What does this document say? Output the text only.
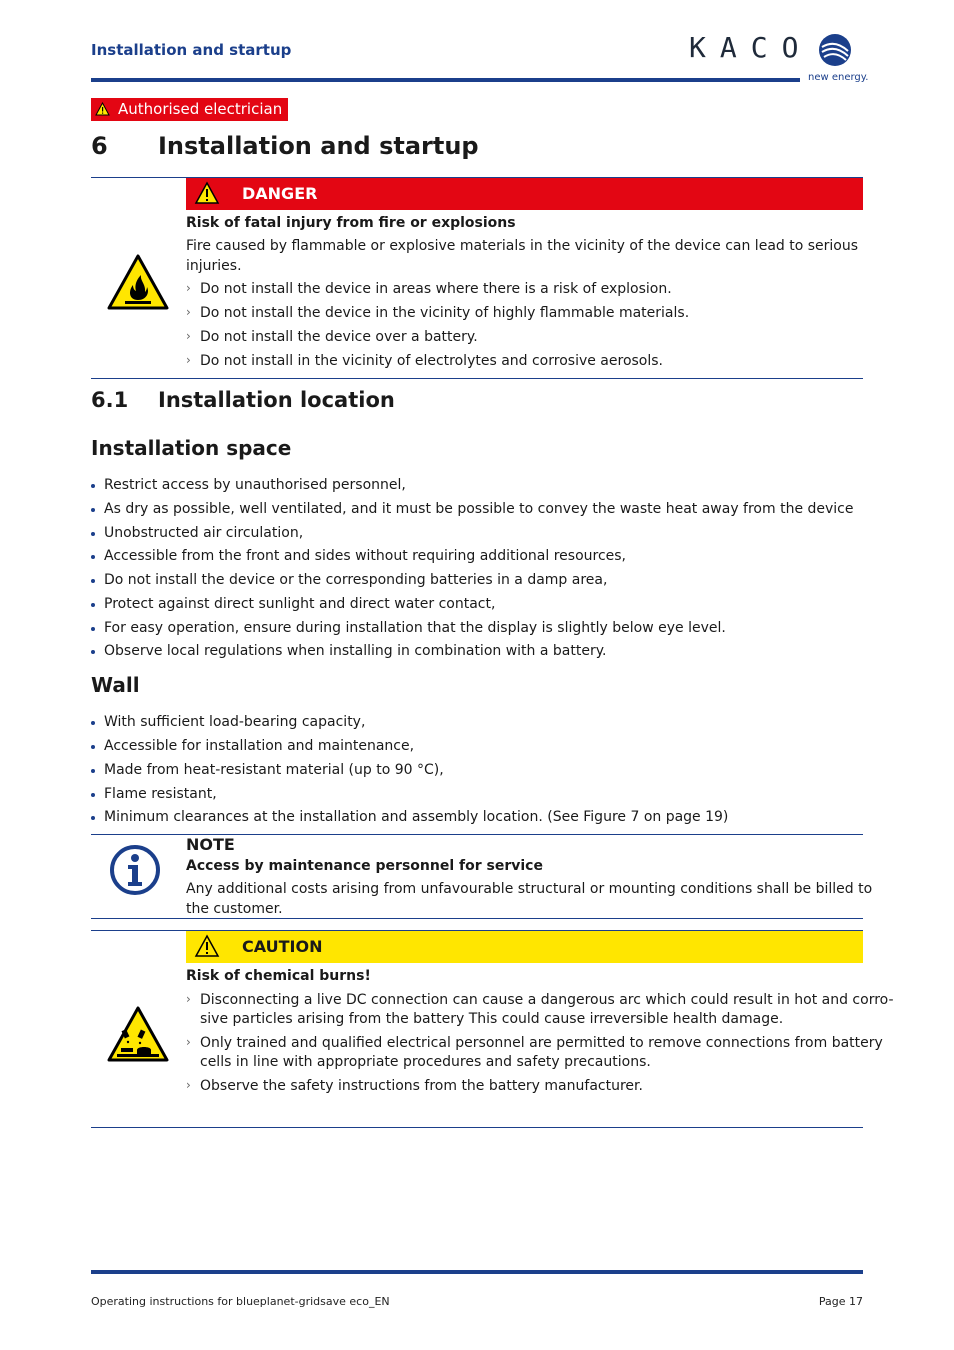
Installation and startup	KACO
new energy.
Authorised electrician
6 Installation and startup
DANGER
Risk of fatal injury from fire or explosions
Fire caused by flammable or explosive materials in the vicinity of the device can lead to serious
injuries.
› Do not install the device in areas where there is a risk of explosion.
› Do not install the device in the vicinity of highly flammable materials.
› Do not install the device over a battery.
› Do not install in the vicinity of electrolytes and corrosive aerosols.
6.1 Installation location
Installation space
Restrict access by unauthorised personnel,
As dry as possible, well ventilated, and it must be possible to convey the waste heat away from the device
Unobstructed air circulation,
Accessible from the front and sides without requiring additional resources,
Do not install the device or the corresponding batteries in a damp area,
Protect against direct sunlight and direct water contact,
For easy operation, ensure during installation that the display is slightly below eye level.
Observe local regulations when installing in combination with a battery.
Wall
With sufficient load-bearing capacity,
Accessible for installation and maintenance,
Made from heat-resistant material (up to 90 °C),
Flame resistant,
Minimum clearances at the installation and assembly location. (See Figure 7 on page 19)
NOTE
Access by maintenance personnel for service
Any additional costs arising from unfavourable structural or mounting conditions shall be billed to
the customer.
CAUTION
Risk of chemical burns!
› Disconnecting a live DC connection can cause a dangerous arc which could result in hot and corro-
sive particles arising from the battery This could cause irreversible health damage.
› Only trained and qualified electrical personnel are permitted to remove connections from battery
cells in line with appropriate procedures and safety precautions.
› Observe the safety instructions from the battery manufacturer.
Operating instructions for blueplanet-gridsave eco_EN	Page 17
